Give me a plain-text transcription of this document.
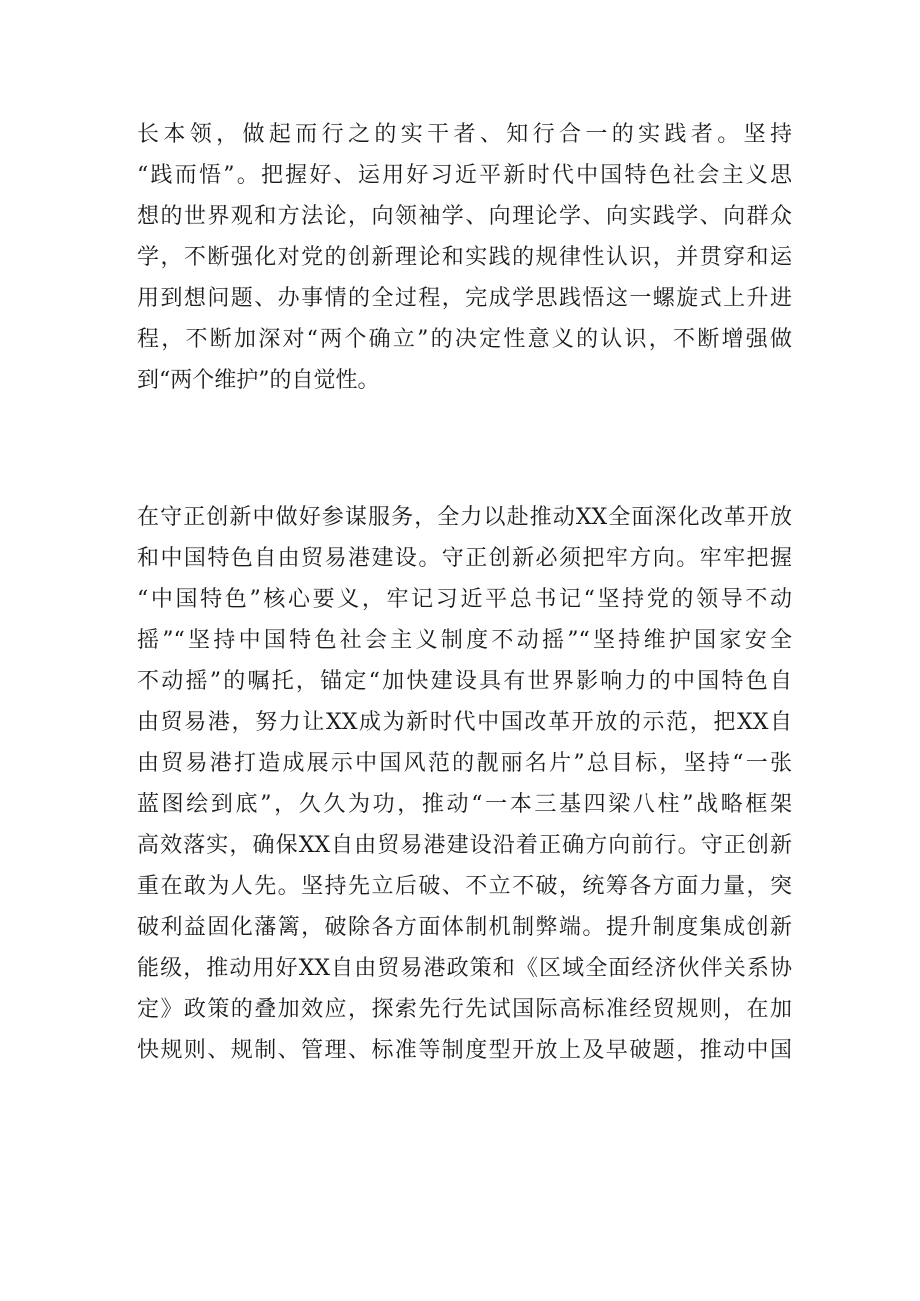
长本领，做起而行之的实干者、知行合一的实践者。坚持
“践而悟”。把握好、运用好习近平新时代中国特色社会主义思
想的世界观和方法论，向领袖学、向理论学、向实践学、向群众
学，不断强化对党的创新理论和实践的规律性认识，并贯穿和运
用到想问题、办事情的全过程，完成学思践悟这一螺旋式上升进
程，不断加深对“两个确立”的决定性意义的认识，不断增强做
到“两个维护”的自觉性。
在守正创新中做好参谋服务，全力以赴推动XX全面深化改革开放
和中国特色自由贸易港建设。守正创新必须把牢方向。牢牢把握
“中国特色”核心要义，牢记习近平总书记“坚持党的领导不动
摇”“坚持中国特色社会主义制度不动摇”“坚持维护国家安全
不动摇”的嘱托，锚定“加快建设具有世界影响力的中国特色自
由贸易港，努力让XX成为新时代中国改革开放的示范，把XX自
由贸易港打造成展示中国风范的靓丽名片”总目标，坚持“一张
蓝图绘到底”，久久为功，推动“一本三基四梁八柱”战略框架
高效落实，确保XX自由贸易港建设沿着正确方向前行。守正创新
重在敢为人先。坚持先立后破、不立不破，统筹各方面力量，突
破利益固化藩篱，破除各方面体制机制弊端。提升制度集成创新
能级，推动用好XX自由贸易港政策和《区域全面经济伙伴关系协
定》政策的叠加效应，探索先行先试国际高标准经贸规则，在加
快规则、规制、管理、标准等制度型开放上及早破题，推动中国
